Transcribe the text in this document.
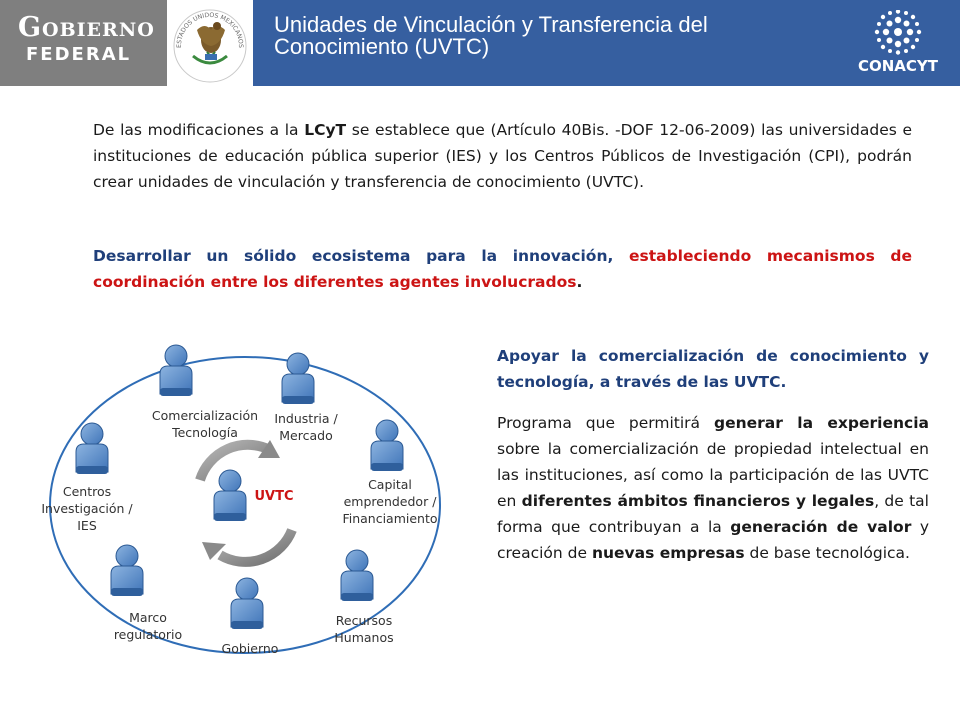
Gobierno
FEDERAL	ESTADOS UNIDOS MEXICANOS
Unidades de Vinculación y Transferencia del Conocimiento (UVTC)
CONACYT
De las modificaciones a la LCyT se establece que (Artículo 40Bis. -DOF 12-06-2009) las universidades e instituciones de educación pública superior (IES) y los Centros Públicos de Investigación (CPI), podrán crear unidades de vinculación y transferencia de conocimiento (UVTC).
Desarrollar un sólido ecosistema para la innovación, estableciendo mecanismos de coordinación entre los diferentes agentes involucrados.
Apoyar la comercialización de conocimiento y tecnología, a través de las UVTC.
Programa que permitirá generar la experiencia sobre la comercialización de propiedad intelectual en las instituciones, así como la participación de las UVTC en diferentes ámbitos financieros y legales, de tal forma que contribuyan a la generación de valor y creación de nuevas empresas de base tecnológica.
Comercialización
Tecnología
Industria /
Mercado
Capital
emprendedor /
Financiamiento
Centros
Investigación /
IES
UVTC
Marco
regulatorio
Gobierno
Recursos
Humanos
